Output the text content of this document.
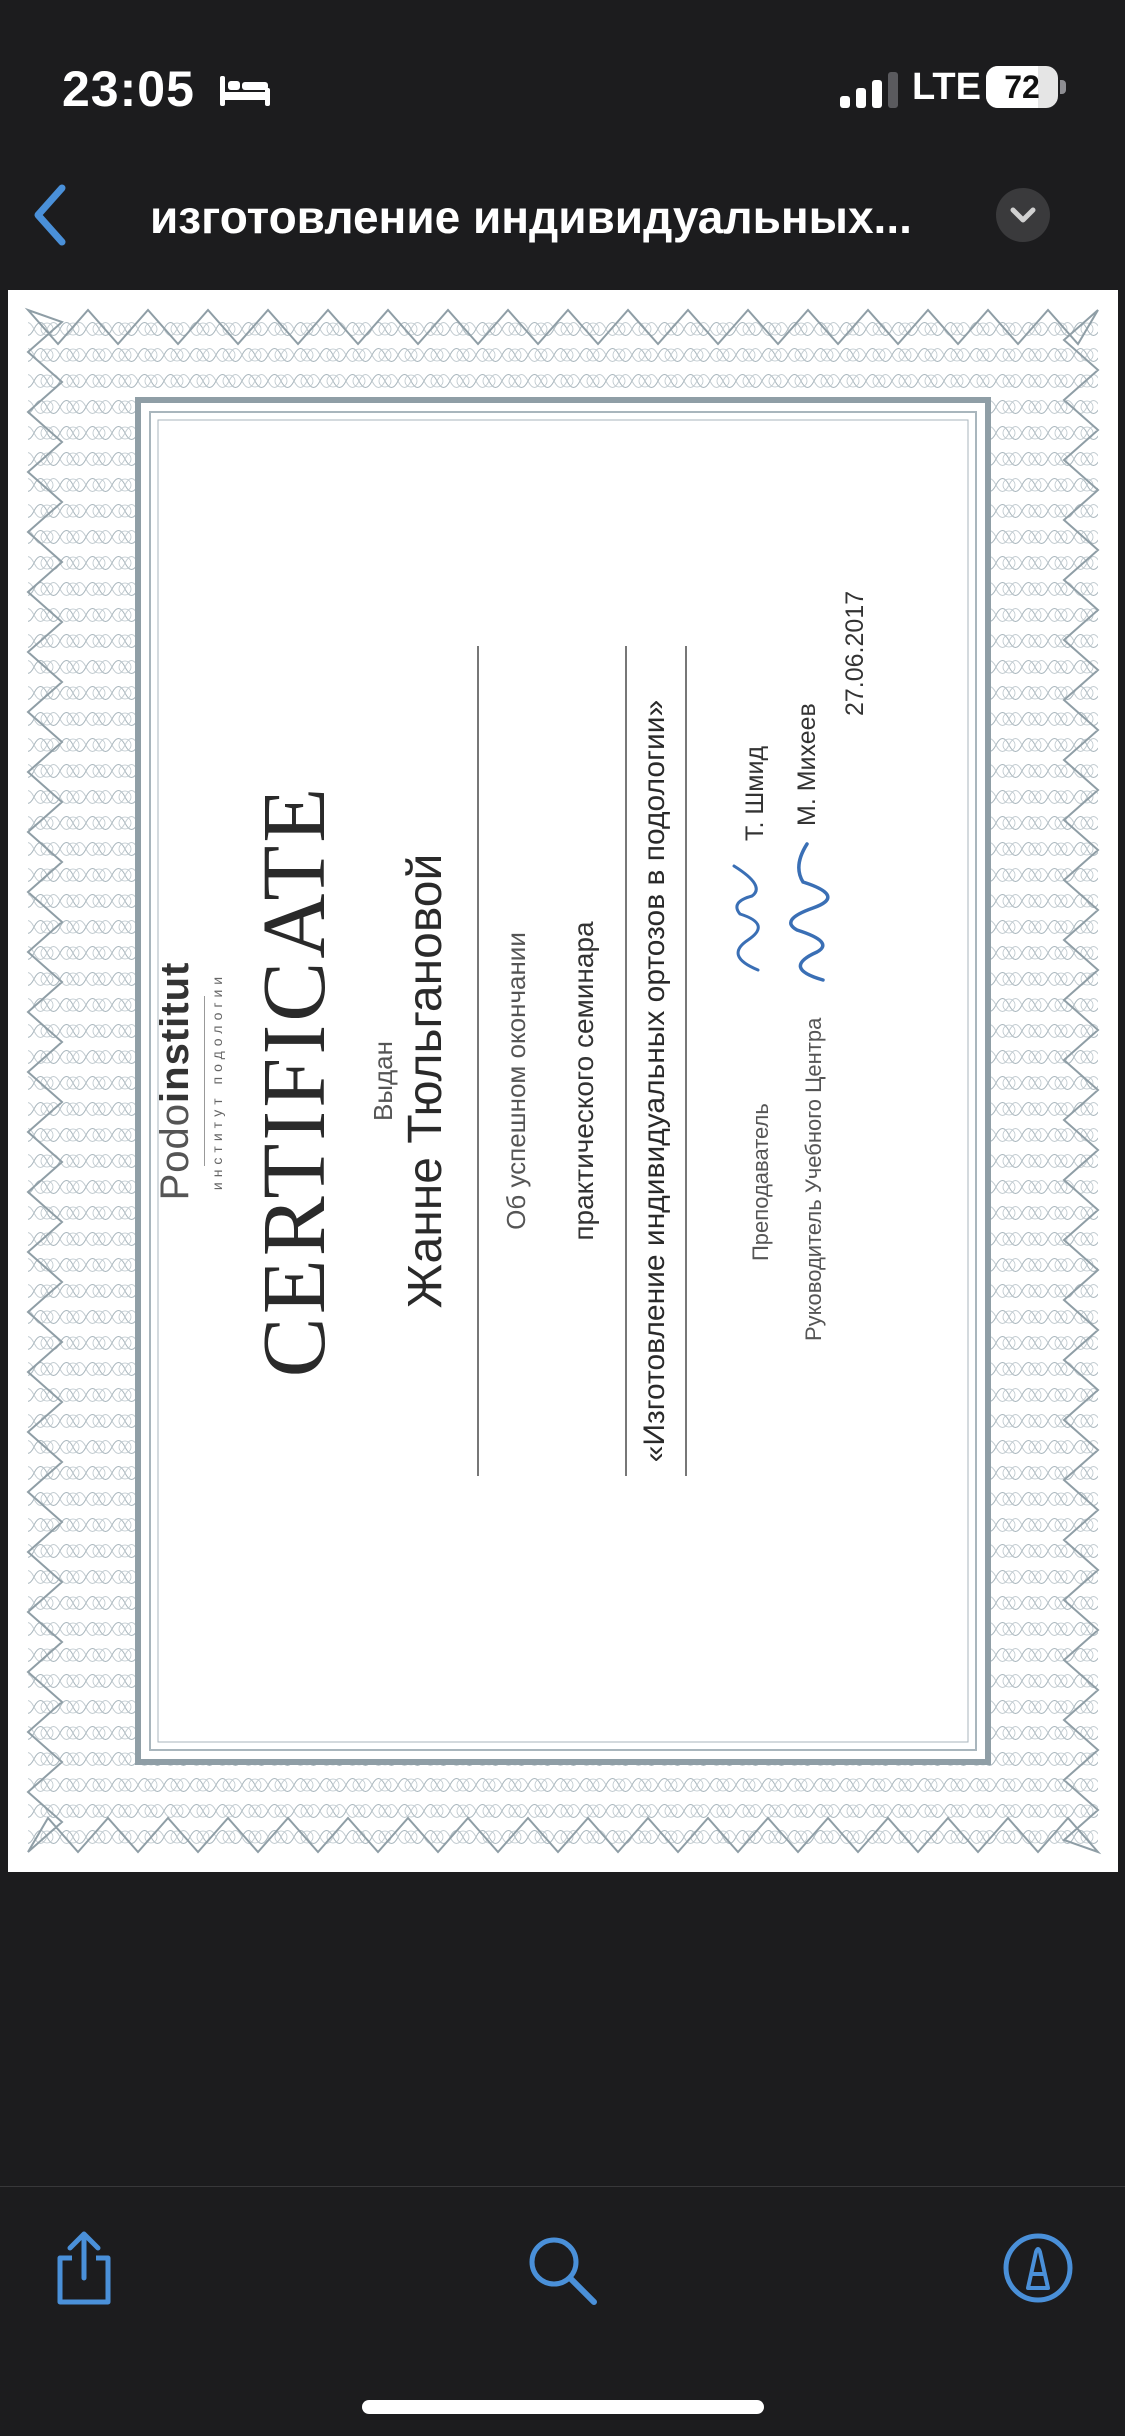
23:05	LTE 72
изготовление индивидуальных...
Podoinstitut институт подологии CERTIFICATE Выдан Жанне Тюльгановой Об успешном окончании практического семинара «Изготовление индивидуальных ортозов в подологии»	Преподаватель
Т. Шмид
Руководитель Учебного Центра
М. Михеев
27.06.2017
